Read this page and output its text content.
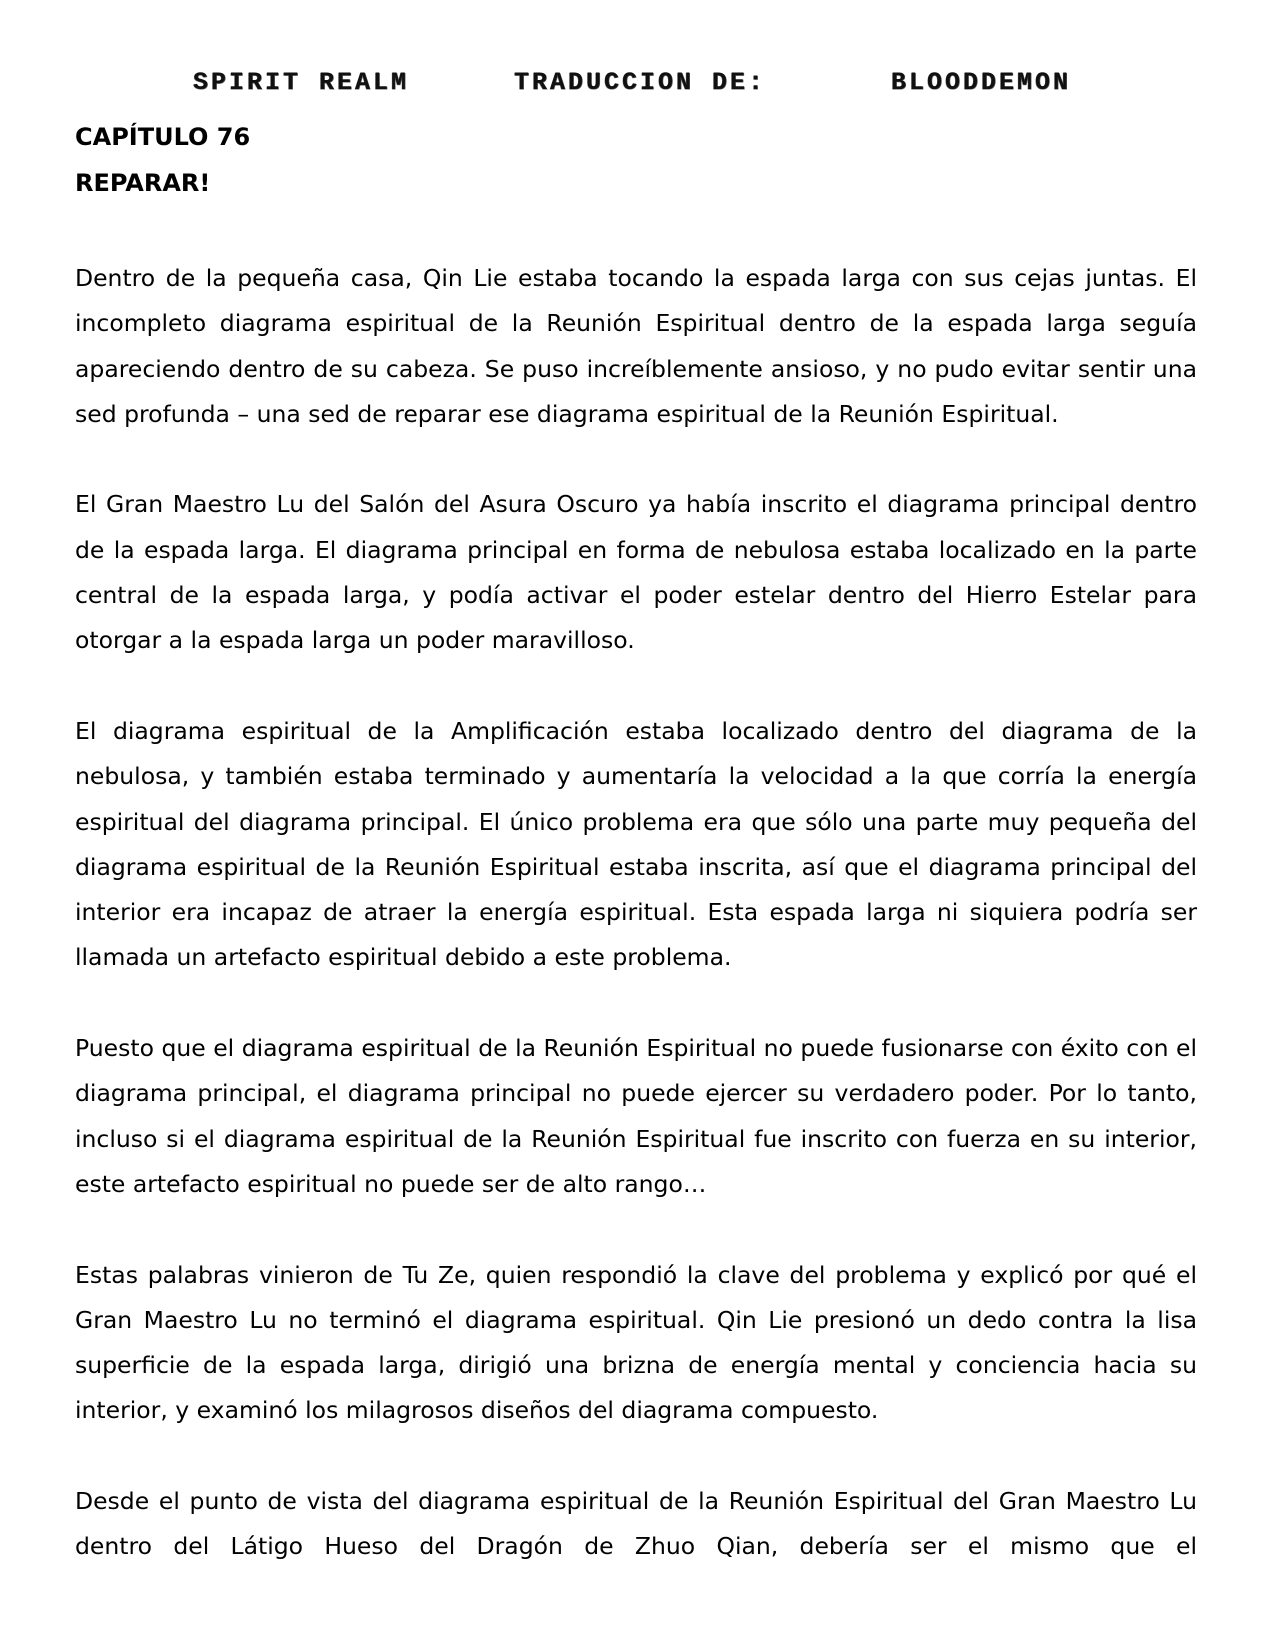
SPIRIT REALM	TRADUCCION DE:	BLOODDEMON
CAPÍTULO 76
REPARAR!

Dentro de la pequeña casa, Qin Lie estaba tocando la espada larga con sus cejas juntas. El incompleto diagrama espiritual de la Reunión Espiritual dentro de la espada larga seguía apareciendo dentro de su cabeza. Se puso increíblemente ansioso, y no pudo evitar sentir una sed profunda – una sed de reparar ese diagrama espiritual de la Reunión Espiritual.

El Gran Maestro Lu del Salón del Asura Oscuro ya había inscrito el diagrama principal dentro de la espada larga. El diagrama principal en forma de nebulosa estaba localizado en la parte central de la espada larga, y podía activar el poder estelar dentro del Hierro Estelar para otorgar a la espada larga un poder maravilloso.

El diagrama espiritual de la Amplificación estaba localizado dentro del diagrama de la nebulosa, y también estaba terminado y aumentaría la velocidad a la que corría la energía espiritual del diagrama principal. El único problema era que sólo una parte muy pequeña del diagrama espiritual de la Reunión Espiritual estaba inscrita, así que el diagrama principal del interior era incapaz de atraer la energía espiritual. Esta espada larga ni siquiera podría ser llamada un artefacto espiritual debido a este problema.

Puesto que el diagrama espiritual de la Reunión Espiritual no puede fusionarse con éxito con el diagrama principal, el diagrama principal no puede ejercer su verdadero poder. Por lo tanto, incluso si el diagrama espiritual de la Reunión Espiritual fue inscrito con fuerza en su interior, este artefacto espiritual no puede ser de alto rango…

Estas palabras vinieron de Tu Ze, quien respondió la clave del problema y explicó por qué el Gran Maestro Lu no terminó el diagrama espiritual. Qin Lie presionó un dedo contra la lisa superficie de la espada larga, dirigió una brizna de energía mental y conciencia hacia su interior, y examinó los milagrosos diseños del diagrama compuesto.

Desde el punto de vista del diagrama espiritual de la Reunión Espiritual del Gran Maestro Lu dentro del Látigo Hueso del Dragón de Zhuo Qian, debería ser el mismo que el
